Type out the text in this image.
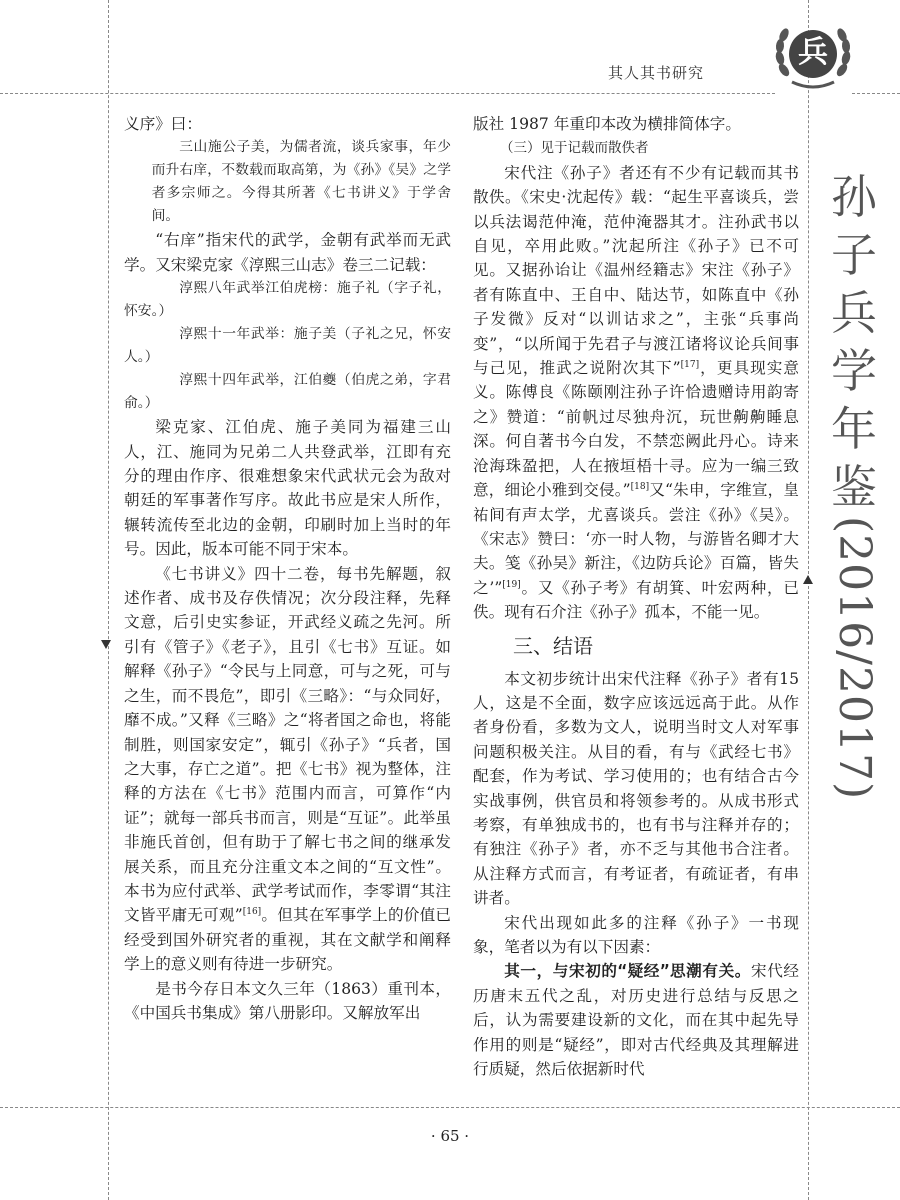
其人其书研究
兵
孙
子
兵
学
年
鉴
(2016/2017)

义序》曰：

三山施公子美，为儒者流，谈兵家事，年少而升右庠，不数载而取高第，为《孙》《吴》之学者多宗师之。今得其所著《七书讲义》于学舍间。

“右庠”指宋代的武学，金朝有武举而无武学。又宋梁克家《淳熙三山志》卷三二记载：

淳熙八年武举江伯虎榜：施子礼（字子礼，怀安。）

淳熙十一年武举：施子美（子礼之兄，怀安人。）

淳熙十四年武举，江伯夔（伯虎之弟，字君俞。）

梁克家、江伯虎、施子美同为福建三山人，江、施同为兄弟二人共登武举，江即有充分的理由作序、很难想象宋代武状元会为敌对朝廷的军事著作写序。故此书应是宋人所作，辗转流传至北边的金朝，印刷时加上当时的年号。因此，版本可能不同于宋本。

《七书讲义》四十二卷，每书先解题，叙述作者、成书及存佚情况；次分段注释，先释文意，后引史实参证，开武经义疏之先河。所引有《管子》《老子》，且引《七书》互证。如解释《孙子》“令民与上同意，可与之死，可与之生，而不畏危”，即引《三略》：“与众同好，靡不成。”又释《三略》之“将者国之命也，将能制胜，则国家安定”，辄引《孙子》“兵者，国之大事，存亡之道”。把《七书》视为整体，注释的方法在《七书》范围内而言，可算作“内证”；就每一部兵书而言，则是“互证”。此举虽非施氏首创，但有助于了解七书之间的继承发展关系，而且充分注重文本之间的“互文性”。本书为应付武举、武学考试而作，李零谓“其注文皆平庸无可观”[16]。但其在军事学上的价值已经受到国外研究者的重视，其在文献学和阐释学上的意义则有待进一步研究。

是书今存日本文久三年（1863）重刊本，《中国兵书集成》第八册影印。又解放军出

版社 1987 年重印本改为横排简体字。

（三）见于记载而散佚者

宋代注《孙子》者还有不少有记载而其书散佚。《宋史·沈起传》载：“起生平喜谈兵，尝以兵法谒范仲淹，范仲淹器其才。注孙武书以自见，卒用此败。”沈起所注《孙子》已不可见。又据孙诒让《温州经籍志》宋注《孙子》者有陈直中、王自中、陆达节，如陈直中《孙子发微》反对“以训诂求之”，主张“兵事尚变”，“以所闻于先君子与渡江诸将议论兵间事与己见，推武之说附次其下”[17]，更具现实意义。陈傅良《陈颐刚注孙子许恰遗赠诗用韵寄之》赞道：“前帆过尽独舟沉，玩世齁齁睡息深。何自著书今白发，不禁恋阙此丹心。诗来沧海珠盈把，人在掖垣梧十寻。应为一编三致意，细论小雅到交侵。”[18]又“朱申，字维宣，皇祐间有声太学，尤喜谈兵。尝注《孙》《吴》。《宋志》赞曰：‘亦一时人物，与游皆名卿才大夫。笺《孙吴》新注，《边防兵论》百篇，皆失之’”[19]。又《孙子考》有胡箕、叶宏两种，已佚。现有石介注《孙子》孤本，不能一见。

三、结语

本文初步统计出宋代注释《孙子》者有15人，这是不全面，数字应该远远高于此。从作者身份看，多数为文人，说明当时文人对军事问题积极关注。从目的看，有与《武经七书》配套，作为考试、学习使用的；也有结合古今实战事例，供官员和将领参考的。从成书形式考察，有单独成书的，也有书与注释并存的；有独注《孙子》者，亦不乏与其他书合注者。从注释方式而言，有考证者，有疏证者，有串讲者。

宋代出现如此多的注释《孙子》一书现象，笔者以为有以下因素：

其一，与宋初的“疑经”思潮有关。宋代经历唐末五代之乱，对历史进行总结与反思之后，认为需要建设新的文化，而在其中起先导作用的则是“疑经”，即对古代经典及其理解进行质疑，然后依据新时代

· 65 ·
